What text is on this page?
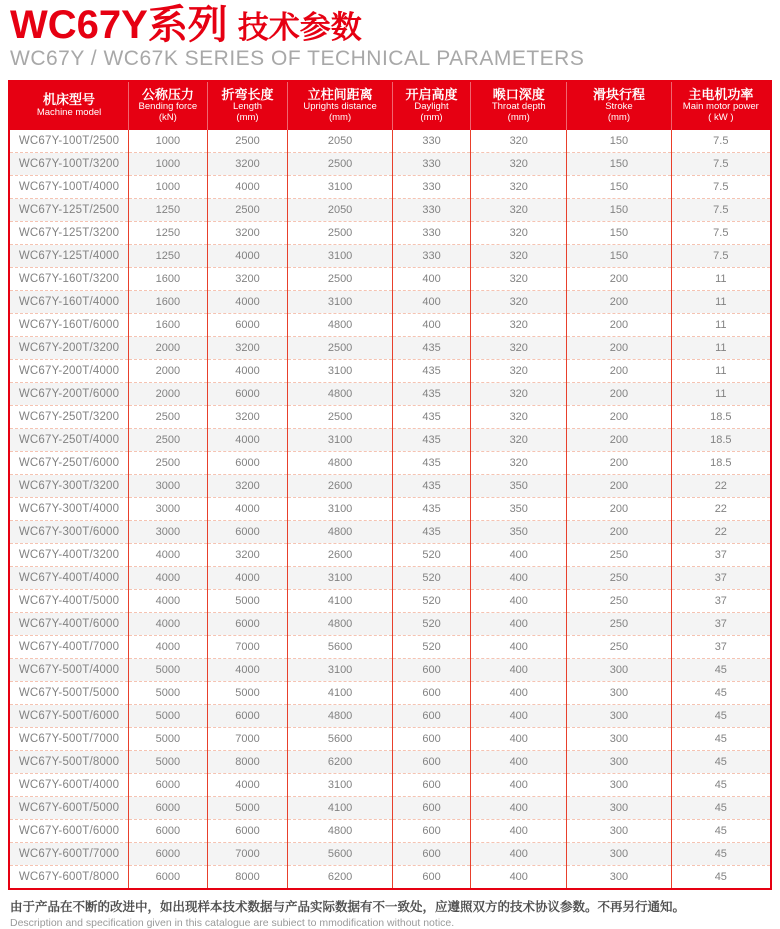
WC67Y系列 技术参数
WC67Y / WC67K SERIES OF TECHNICAL PARAMETERS
机床型号
Machine model

公称压力
Bending force
(kN)

折弯长度
Length
(mm)

立柱间距离
Uprights distance
(mm)

开启高度
Daylight
(mm)

喉口深度
Throat depth
(mm)

滑块行程
Stroke
(mm)

主电机功率
Main motor power
( kW )

WC67Y-100T/2500	1000	2500	2050	330	320	150	7.5
WC67Y-100T/3200	1000	3200	2500	330	320	150	7.5
WC67Y-100T/4000	1000	4000	3100	330	320	150	7.5
WC67Y-125T/2500	1250	2500	2050	330	320	150	7.5
WC67Y-125T/3200	1250	3200	2500	330	320	150	7.5
WC67Y-125T/4000	1250	4000	3100	330	320	150	7.5
WC67Y-160T/3200	1600	3200	2500	400	320	200	11
WC67Y-160T/4000	1600	4000	3100	400	320	200	11
WC67Y-160T/6000	1600	6000	4800	400	320	200	11
WC67Y-200T/3200	2000	3200	2500	435	320	200	11
WC67Y-200T/4000	2000	4000	3100	435	320	200	11
WC67Y-200T/6000	2000	6000	4800	435	320	200	11
WC67Y-250T/3200	2500	3200	2500	435	320	200	18.5
WC67Y-250T/4000	2500	4000	3100	435	320	200	18.5
WC67Y-250T/6000	2500	6000	4800	435	320	200	18.5
WC67Y-300T/3200	3000	3200	2600	435	350	200	22
WC67Y-300T/4000	3000	4000	3100	435	350	200	22
WC67Y-300T/6000	3000	6000	4800	435	350	200	22
WC67Y-400T/3200	4000	3200	2600	520	400	250	37
WC67Y-400T/4000	4000	4000	3100	520	400	250	37
WC67Y-400T/5000	4000	5000	4100	520	400	250	37
WC67Y-400T/6000	4000	6000	4800	520	400	250	37
WC67Y-400T/7000	4000	7000	5600	520	400	250	37
WC67Y-500T/4000	5000	4000	3100	600	400	300	45
WC67Y-500T/5000	5000	5000	4100	600	400	300	45
WC67Y-500T/6000	5000	6000	4800	600	400	300	45
WC67Y-500T/7000	5000	7000	5600	600	400	300	45
WC67Y-500T/8000	5000	8000	6200	600	400	300	45
WC67Y-600T/4000	6000	4000	3100	600	400	300	45
WC67Y-600T/5000	6000	5000	4100	600	400	300	45
WC67Y-600T/6000	6000	6000	4800	600	400	300	45
WC67Y-600T/7000	6000	7000	5600	600	400	300	45
WC67Y-600T/8000	6000	8000	6200	600	400	300	45
由于产品在不断的改进中，如出现样本技术数据与产品实际数据有不一致处，应遵照双方的技术协议参数。不再另行通知。
Description and specification given in this catalogue are subiect to mmodification without notice.
